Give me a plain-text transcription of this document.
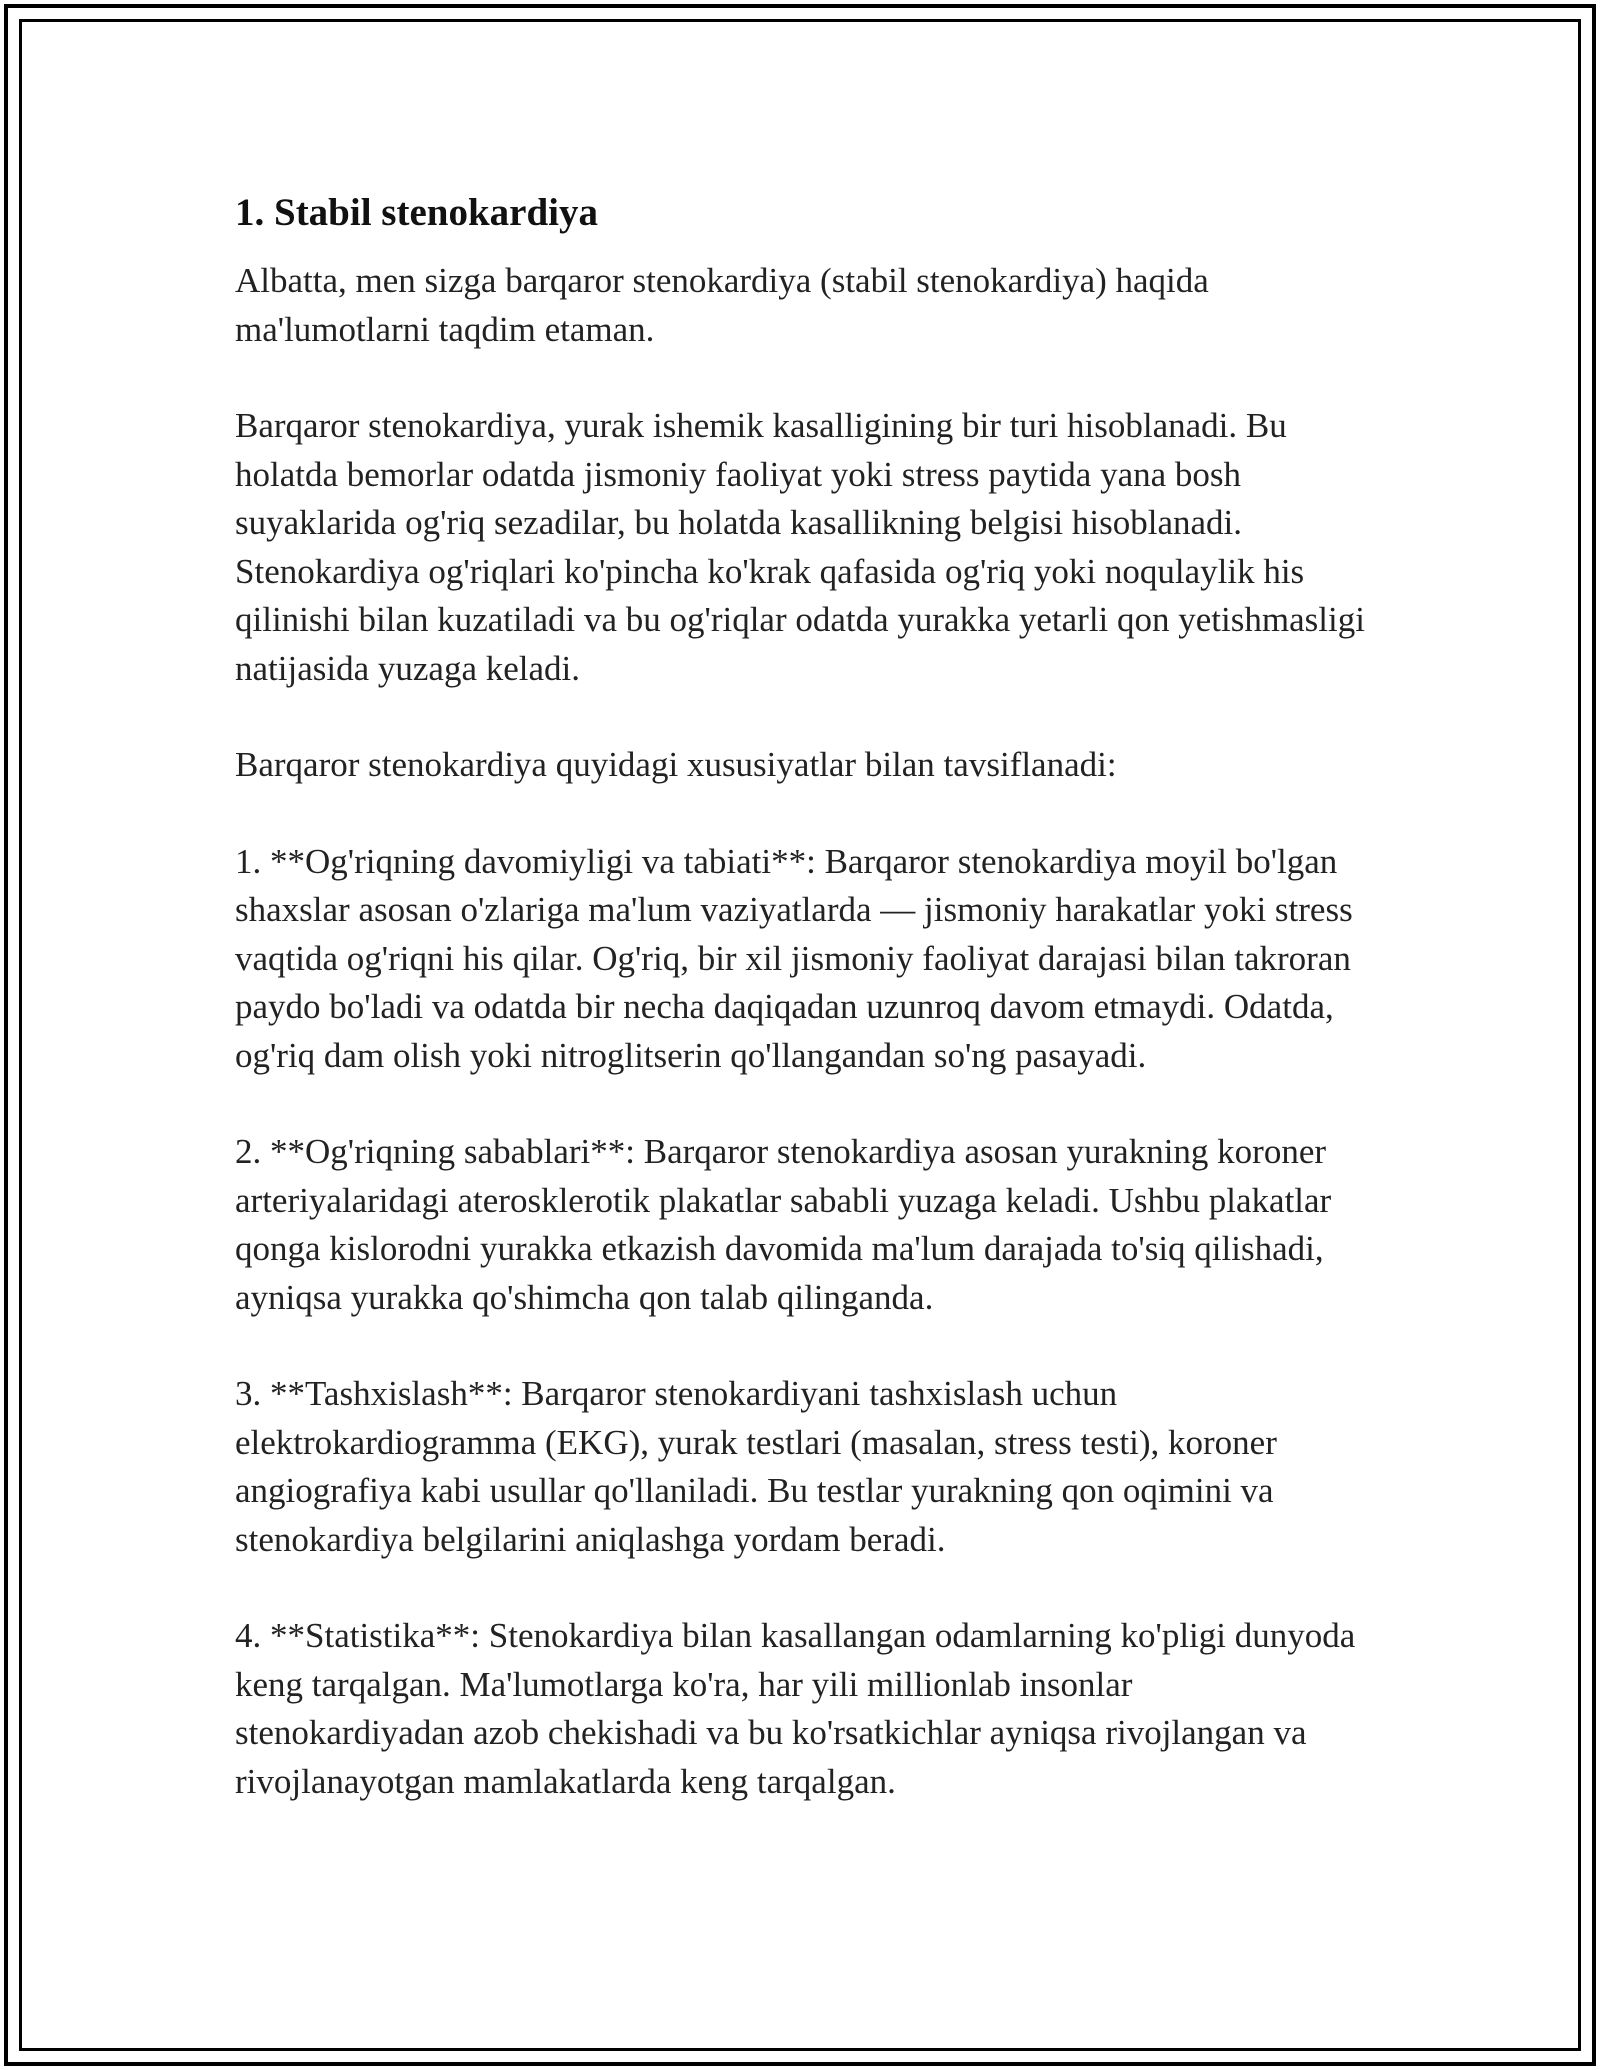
1. Stabil stenokardiya

Albatta, men sizga barqaror stenokardiya (stabil stenokardiya) haqida ma'lumotlarni taqdim etaman.

Barqaror stenokardiya, yurak ishemik kasalligining bir turi hisoblanadi. Bu holatda bemorlar odatda jismoniy faoliyat yoki stress paytida yana bosh suyaklarida og'riq sezadilar, bu holatda kasallikning belgisi hisoblanadi. Stenokardiya og'riqlari ko'pincha ko'krak qafasida og'riq yoki noqulaylik his qilinishi bilan kuzatiladi va bu og'riqlar odatda yurakka yetarli qon yetishmasligi natijasida yuzaga keladi.

Barqaror stenokardiya quyidagi xususiyatlar bilan tavsiflanadi:

1. **Og'riqning davomiyligi va tabiati**: Barqaror stenokardiya moyil bo'lgan shaxslar asosan o'zlariga ma'lum vaziyatlarda — jismoniy harakatlar yoki stress vaqtida og'riqni his qilar. Og'riq, bir xil jismoniy faoliyat darajasi bilan takroran paydo bo'ladi va odatda bir necha daqiqadan uzunroq davom etmaydi. Odatda, og'riq dam olish yoki nitroglitserin qo'llangandan so'ng pasayadi.

2. **Og'riqning sabablari**: Barqaror stenokardiya asosan yurakning koroner arteriyalaridagi aterosklerotik plakatlar sababli yuzaga keladi. Ushbu plakatlar qonga kislorodni yurakka etkazish davomida ma'lum darajada to'siq qilishadi, ayniqsa yurakka qo'shimcha qon talab qilinganda.

3. **Tashxislash**: Barqaror stenokardiyani tashxislash uchun elektrokardiogramma (EKG), yurak testlari (masalan, stress testi), koroner angiografiya kabi usullar qo'llaniladi. Bu testlar yurakning qon oqimini va stenokardiya belgilarini aniqlashga yordam beradi.

4. **Statistika**: Stenokardiya bilan kasallangan odamlarning ko'pligi dunyoda keng tarqalgan. Ma'lumotlarga ko'ra, har yili millionlab insonlar stenokardiyadan azob chekishadi va bu ko'rsatkichlar ayniqsa rivojlangan va rivojlanayotgan mamlakatlarda keng tarqalgan.
